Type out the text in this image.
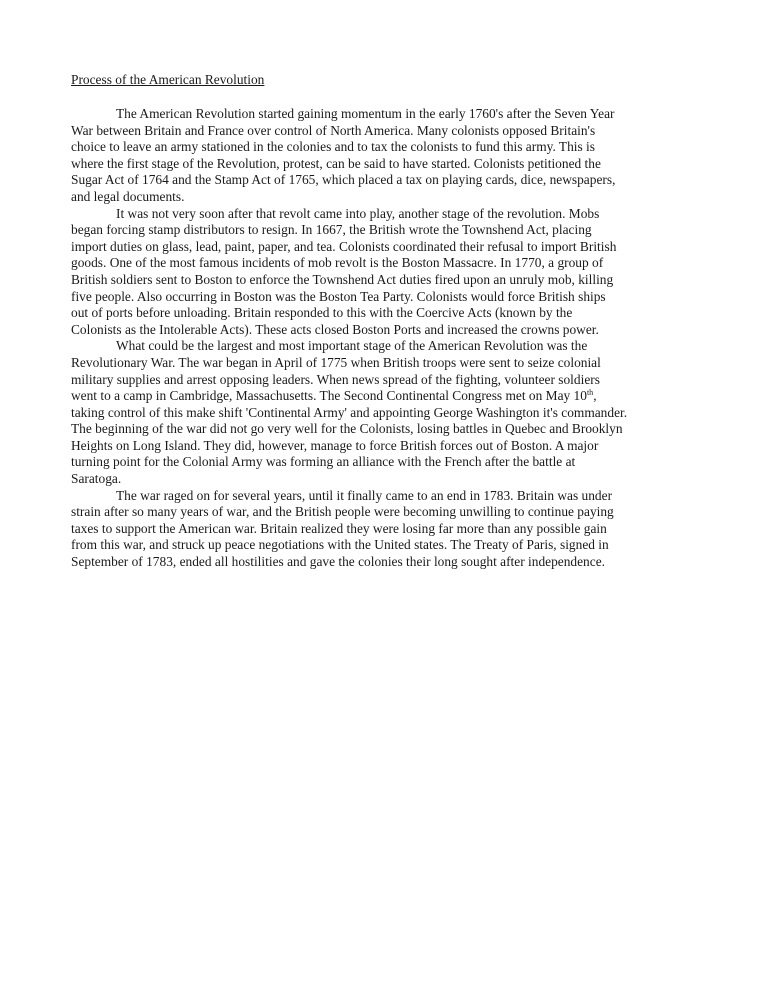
Process of the American Revolution
The American Revolution started gaining momentum in the early 1760's after the Seven Year
War between Britain and France over control of North America. Many colonists opposed Britain's
choice to leave an army stationed in the colonies and to tax the colonists to fund this army. This is
where the first stage of the Revolution, protest, can be said to have started. Colonists petitioned the
Sugar Act of 1764 and the Stamp Act of 1765, which placed a tax on playing cards, dice, newspapers,
and legal documents.
It was not very soon after that revolt came into play, another stage of the revolution. Mobs
began forcing stamp distributors to resign. In 1667, the British wrote the Townshend Act, placing
import duties on glass, lead, paint, paper, and tea. Colonists coordinated their refusal to import British
goods. One of the most famous incidents of mob revolt is the Boston Massacre. In 1770, a group of
British soldiers sent to Boston to enforce the Townshend Act duties fired upon an unruly mob, killing
five people. Also occurring in Boston was the Boston Tea Party. Colonists would force British ships
out of ports before unloading. Britain responded to this with the Coercive Acts (known by the
Colonists as the Intolerable Acts). These acts closed Boston Ports and increased the crowns power.
What could be the largest and most important stage of the American Revolution was the
Revolutionary War. The war began in April of 1775 when British troops were sent to seize colonial
military supplies and arrest opposing leaders. When news spread of the fighting, volunteer soldiers
went to a camp in Cambridge, Massachusetts. The Second Continental Congress met on May 10th,
taking control of this make shift 'Continental Army' and appointing George Washington it's commander.
The beginning of the war did not go very well for the Colonists, losing battles in Quebec and Brooklyn
Heights on Long Island. They did, however, manage to force British forces out of Boston. A major
turning point for the Colonial Army was forming an alliance with the French after the battle at
Saratoga.
The war raged on for several years, until it finally came to an end in 1783. Britain was under
strain after so many years of war, and the British people were becoming unwilling to continue paying
taxes to support the American war. Britain realized they were losing far more than any possible gain
from this war, and struck up peace negotiations with the United states. The Treaty of Paris, signed in
September of 1783, ended all hostilities and gave the colonies their long sought after independence.
